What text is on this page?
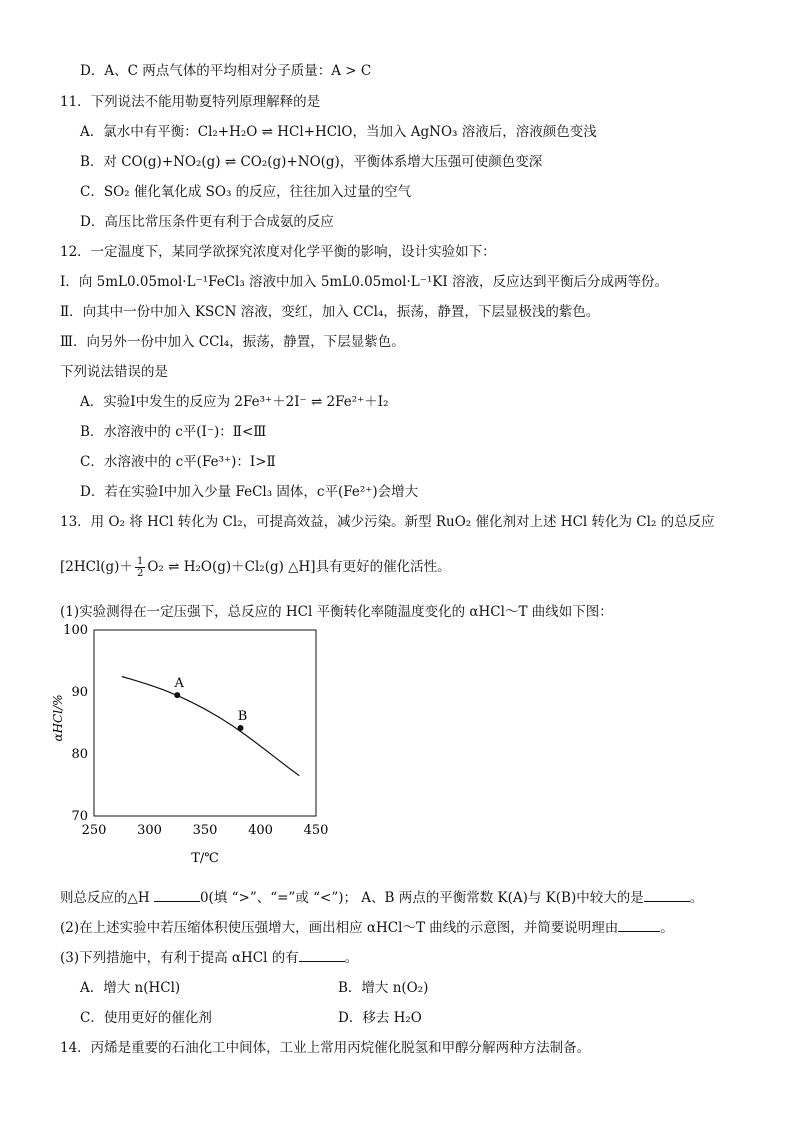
D．A、C 两点气体的平均相对分子质量：A > C
11．下列说法不能用勒夏特列原理解释的是
A．氯水中有平衡：Cl₂+H₂O ⇌ HCl+HClO，当加入 AgNO₃ 溶液后，溶液颜色变浅
B．对 CO(g)+NO₂(g) ⇌ CO₂(g)+NO(g)，平衡体系增大压强可使颜色变深
C．SO₂ 催化氧化成 SO₃ 的反应，往往加入过量的空气
D．高压比常压条件更有利于合成氨的反应
12．一定温度下，某同学欲探究浓度对化学平衡的影响，设计实验如下：
Ⅰ．向 5mL0.05mol·L⁻¹FeCl₃ 溶液中加入 5mL0.05mol·L⁻¹KI 溶液，反应达到平衡后分成两等份。
Ⅱ．向其中一份中加入 KSCN 溶液，变红，加入 CCl₄，振荡，静置，下层显极浅的紫色。
Ⅲ．向另外一份中加入 CCl₄，振荡，静置，下层显紫色。
下列说法错误的是
A．实验Ⅰ中发生的反应为 2Fe³⁺＋2I⁻ ⇌ 2Fe²⁺＋I₂
B．水溶液中的 c平(I⁻)：Ⅱ<Ⅲ
C．水溶液中的 c平(Fe³⁺)：Ⅰ>Ⅱ
D．若在实验Ⅰ中加入少量 FeCl₃ 固体，c平(Fe²⁺)会增大
13．用 O₂ 将 HCl 转化为 Cl₂，可提高效益，减少污染。新型 RuO₂ 催化剂对上述 HCl 转化为 Cl₂ 的总反应
[$2HCl(g)+ \frac{1}{2} O_2$ ⇌ H₂O(g)＋Cl₂(g) △H]具有更好的催化活性。
(1)实验测得在一定压强下，总反应的 HCl 平衡转化率随温度变化的 αHCl～T 曲线如下图：
70
80
90
100
250 300 350 400 450
A
B
αHCl/%
T/℃
则总反应的△H	0(填 “>”、“=”或 “<”)； A、B 两点的平衡常数 K(A)与 K(B)中较大的是	。
(2)在上述实验中若压缩体积使压强增大，画出相应 αHCl～T 曲线的示意图，并简要说明理由	。
(3)下列措施中，有利于提高 αHCl 的有	。
A．增大 n(HCl)	B．增大 n(O₂)
C．使用更好的催化剂	D．移去 H₂O
14．丙烯是重要的石油化工中间体，工业上常用丙烷催化脱氢和甲醇分解两种方法制备。
